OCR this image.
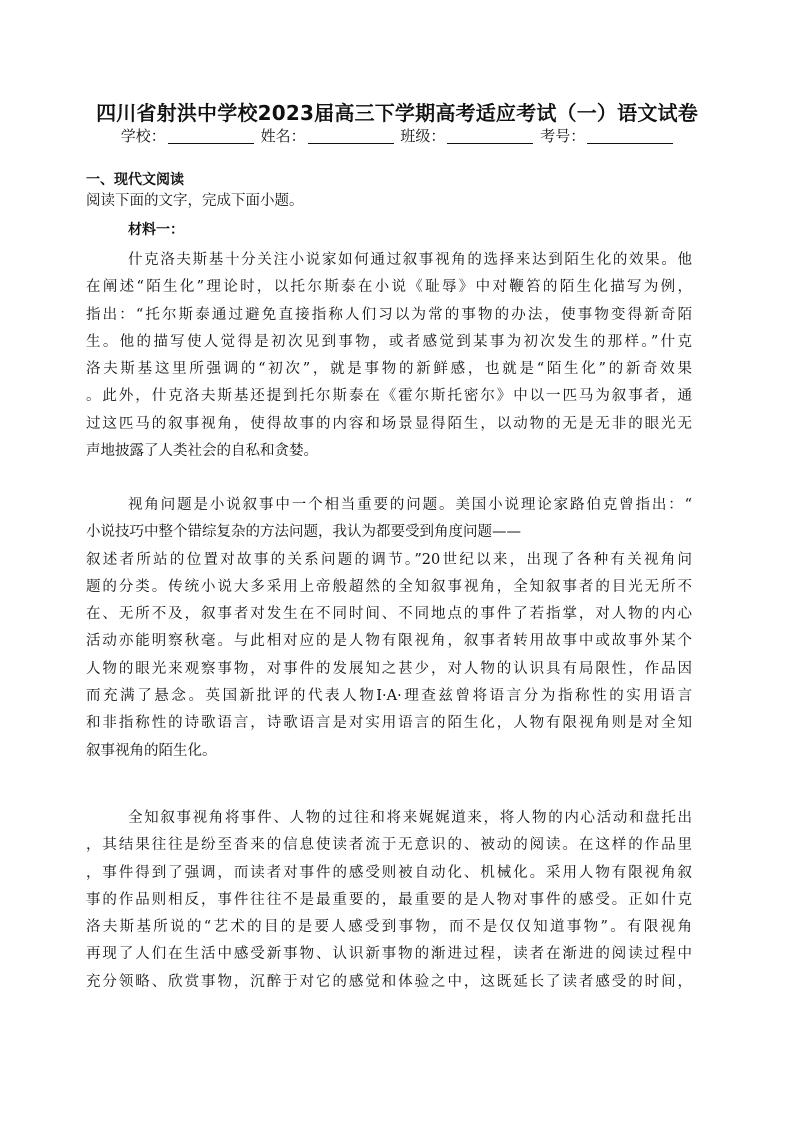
四川省射洪中学校2023届高三下学期高考适应考试（一）语文试卷
学校：	姓名：	班级：	考号：
一、现代文阅读
阅读下面的文字，完成下面小题。
材料一：
什克洛夫斯基十分关注小说家如何通过叙事视角的选择来达到陌生化的效果。他
在阐述“陌生化”理论时，以托尔斯泰在小说《耻辱》中对鞭笞的陌生化描写为例，
指出：“托尔斯泰通过避免直接指称人们习以为常的事物的办法，使事物变得新奇陌
生。他的描写使人觉得是初次见到事物，或者感觉到某事为初次发生的那样。”什克
洛夫斯基这里所强调的“初次”，就是事物的新鲜感，也就是“陌生化”的新奇效果
。此外，什克洛夫斯基还提到托尔斯泰在《霍尔斯托密尔》中以一匹马为叙事者，通
过这匹马的叙事视角，使得故事的内容和场景显得陌生，以动物的无是无非的眼光无
声地披露了人类社会的自私和贪婪。
视角问题是小说叙事中一个相当重要的问题。美国小说理论家路伯克曾指出：“
小说技巧中整个错综复杂的方法问题，我认为都要受到角度问题——
叙述者所站的位置对故事的关系问题的调节。”20世纪以来，出现了各种有关视角问
题的分类。传统小说大多采用上帝般超然的全知叙事视角，全知叙事者的目光无所不
在、无所不及，叙事者对发生在不同时间、不同地点的事件了若指掌，对人物的内心
活动亦能明察秋毫。与此相对应的是人物有限视角，叙事者转用故事中或故事外某个
人物的眼光来观察事物，对事件的发展知之甚少，对人物的认识具有局限性，作品因
而充满了悬念。英国新批评的代表人物I·A·理查兹曾将语言分为指称性的实用语言
和非指称性的诗歌语言，诗歌语言是对实用语言的陌生化，人物有限视角则是对全知
叙事视角的陌生化。
全知叙事视角将事件、人物的过往和将来娓娓道来，将人物的内心活动和盘托出
，其结果往往是纷至沓来的信息使读者流于无意识的、被动的阅读。在这样的作品里
，事件得到了强调，而读者对事件的感受则被自动化、机械化。采用人物有限视角叙
事的作品则相反，事件往往不是最重要的，最重要的是人物对事件的感受。正如什克
洛夫斯基所说的“艺术的目的是要人感受到事物，而不是仅仅知道事物”。有限视角
再现了人们在生活中感受新事物、认识新事物的渐进过程，读者在渐进的阅读过程中
充分领略、欣赏事物，沉醉于对它的感觉和体验之中，这既延长了读者感受的时间，
